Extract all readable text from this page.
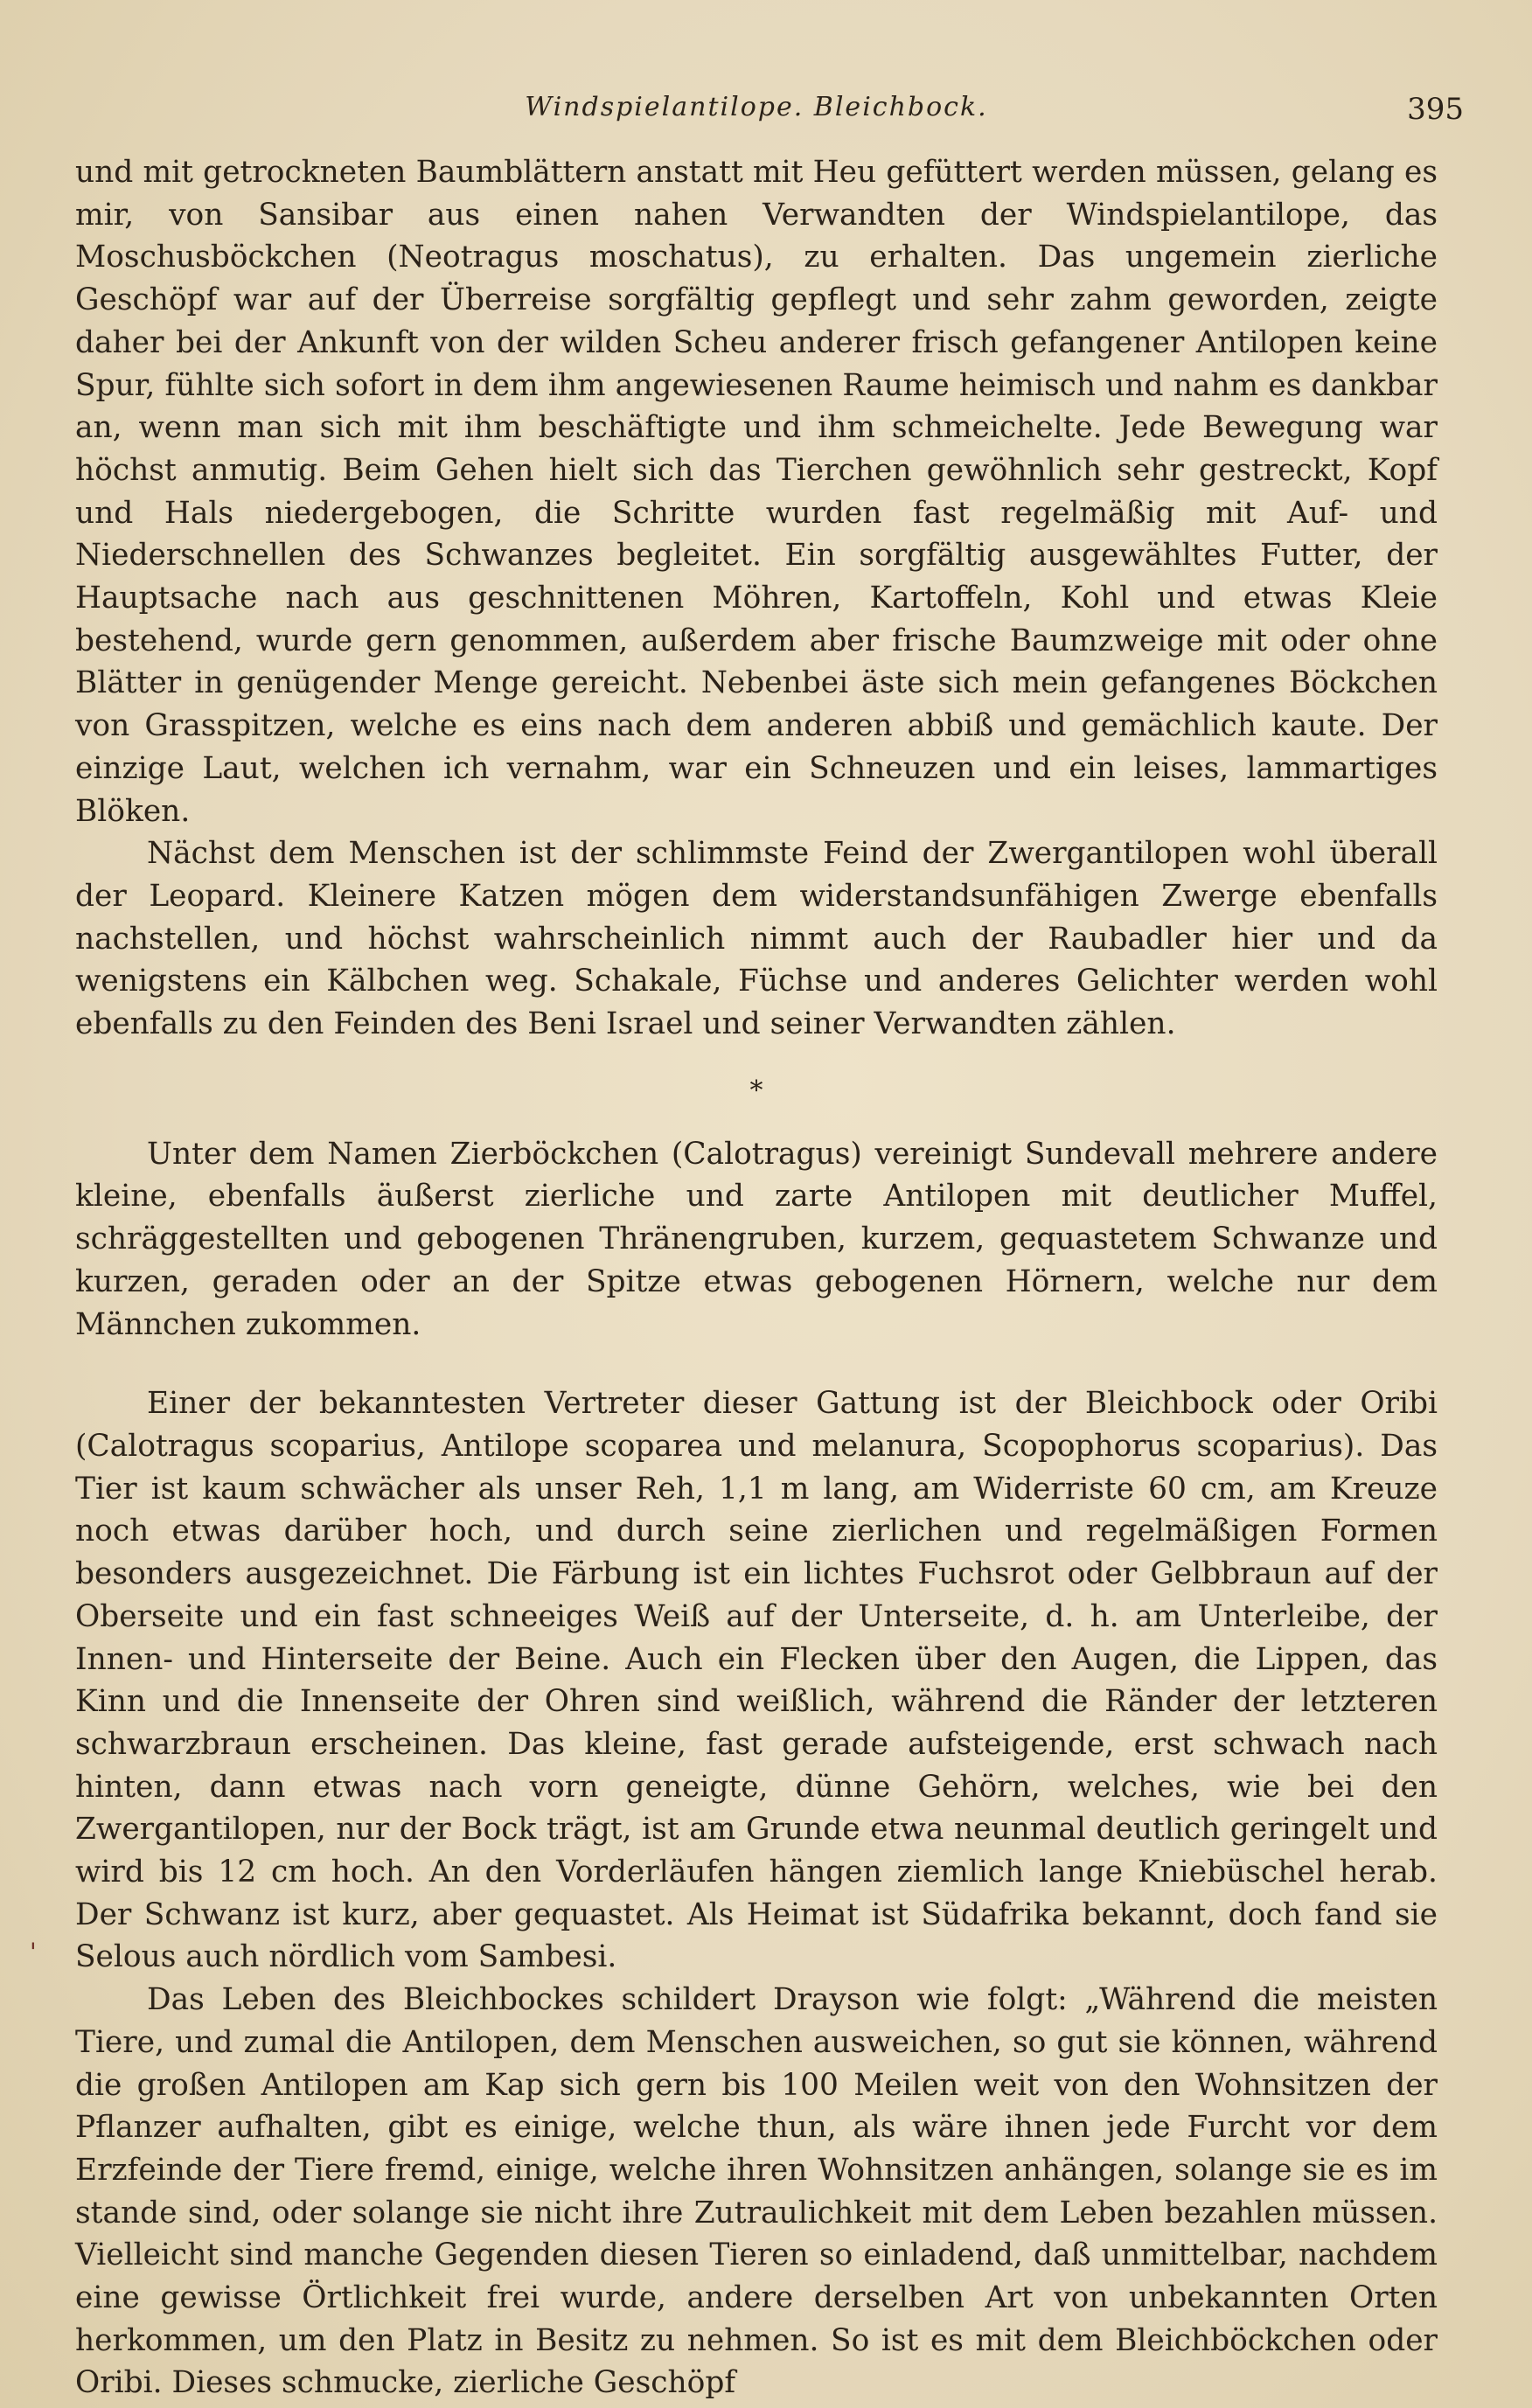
Windspielantilope. Bleichbock.	395

und mit getrockneten Baumblättern anstatt mit Heu gefüttert werden müssen, gelang es mir, von Sansibar aus einen nahen Verwandten der Windspielantilope, das Moschusböckchen (Neotragus moschatus), zu erhalten. Das ungemein zierliche Geschöpf war auf der Überreise sorgfältig gepflegt und sehr zahm geworden, zeigte daher bei der Ankunft von der wilden Scheu anderer frisch gefangener Antilopen keine Spur, fühlte sich sofort in dem ihm angewiesenen Raume heimisch und nahm es dankbar an, wenn man sich mit ihm beschäftigte und ihm schmeichelte. Jede Bewegung war höchst anmutig. Beim Gehen hielt sich das Tierchen gewöhnlich sehr gestreckt, Kopf und Hals niedergebogen, die Schritte wurden fast regelmäßig mit Auf- und Niederschnellen des Schwanzes begleitet. Ein sorgfältig ausgewähltes Futter, der Hauptsache nach aus geschnittenen Möhren, Kartoffeln, Kohl und etwas Kleie bestehend, wurde gern genommen, außerdem aber frische Baumzweige mit oder ohne Blätter in genügender Menge gereicht. Nebenbei äste sich mein gefangenes Böckchen von Grasspitzen, welche es eins nach dem anderen abbiß und gemächlich kaute. Der einzige Laut, welchen ich vernahm, war ein Schneuzen und ein leises, lammartiges Blöken.

Nächst dem Menschen ist der schlimmste Feind der Zwergantilopen wohl überall der Leopard. Kleinere Katzen mögen dem widerstandsunfähigen Zwerge ebenfalls nachstellen, und höchst wahrscheinlich nimmt auch der Raubadler hier und da wenigstens ein Kälbchen weg. Schakale, Füchse und anderes Gelichter werden wohl ebenfalls zu den Feinden des Beni Israel und seiner Verwandten zählen.

*

Unter dem Namen Zierböckchen (Calotragus) vereinigt Sundevall mehrere andere kleine, ebenfalls äußerst zierliche und zarte Antilopen mit deutlicher Muffel, schräggestellten und gebogenen Thränengruben, kurzem, gequastetem Schwanze und kurzen, geraden oder an der Spitze etwas gebogenen Hörnern, welche nur dem Männchen zukommen.

Einer der bekanntesten Vertreter dieser Gattung ist der Bleichbock oder Oribi (Calotragus scoparius, Antilope scoparea und melanura, Scopophorus scoparius). Das Tier ist kaum schwächer als unser Reh, 1,1 m lang, am Widerriste 60 cm, am Kreuze noch etwas darüber hoch, und durch seine zierlichen und regelmäßigen Formen besonders ausgezeichnet. Die Färbung ist ein lichtes Fuchsrot oder Gelbbraun auf der Oberseite und ein fast schneeiges Weiß auf der Unterseite, d. h. am Unterleibe, der Innen- und Hinterseite der Beine. Auch ein Flecken über den Augen, die Lippen, das Kinn und die Innenseite der Ohren sind weißlich, während die Ränder der letzteren schwarzbraun erscheinen. Das kleine, fast gerade aufsteigende, erst schwach nach hinten, dann etwas nach vorn geneigte, dünne Gehörn, welches, wie bei den Zwergantilopen, nur der Bock trägt, ist am Grunde etwa neunmal deutlich geringelt und wird bis 12 cm hoch. An den Vorderläufen hängen ziemlich lange Kniebüschel herab. Der Schwanz ist kurz, aber gequastet. Als Heimat ist Südafrika bekannt, doch fand sie Selous auch nördlich vom Sambesi.

Das Leben des Bleichbockes schildert Drayson wie folgt: „Während die meisten Tiere, und zumal die Antilopen, dem Menschen ausweichen, so gut sie können, während die großen Antilopen am Kap sich gern bis 100 Meilen weit von den Wohnsitzen der Pflanzer aufhalten, gibt es einige, welche thun, als wäre ihnen jede Furcht vor dem Erzfeinde der Tiere fremd, einige, welche ihren Wohnsitzen anhängen, solange sie es im stande sind, oder solange sie nicht ihre Zutraulichkeit mit dem Leben bezahlen müssen. Vielleicht sind manche Gegenden diesen Tieren so einladend, daß unmittelbar, nachdem eine gewisse Örtlichkeit frei wurde, andere derselben Art von unbekannten Orten herkommen, um den Platz in Besitz zu nehmen. So ist es mit dem Bleichböckchen oder Oribi. Dieses schmucke, zierliche Geschöpf

'
